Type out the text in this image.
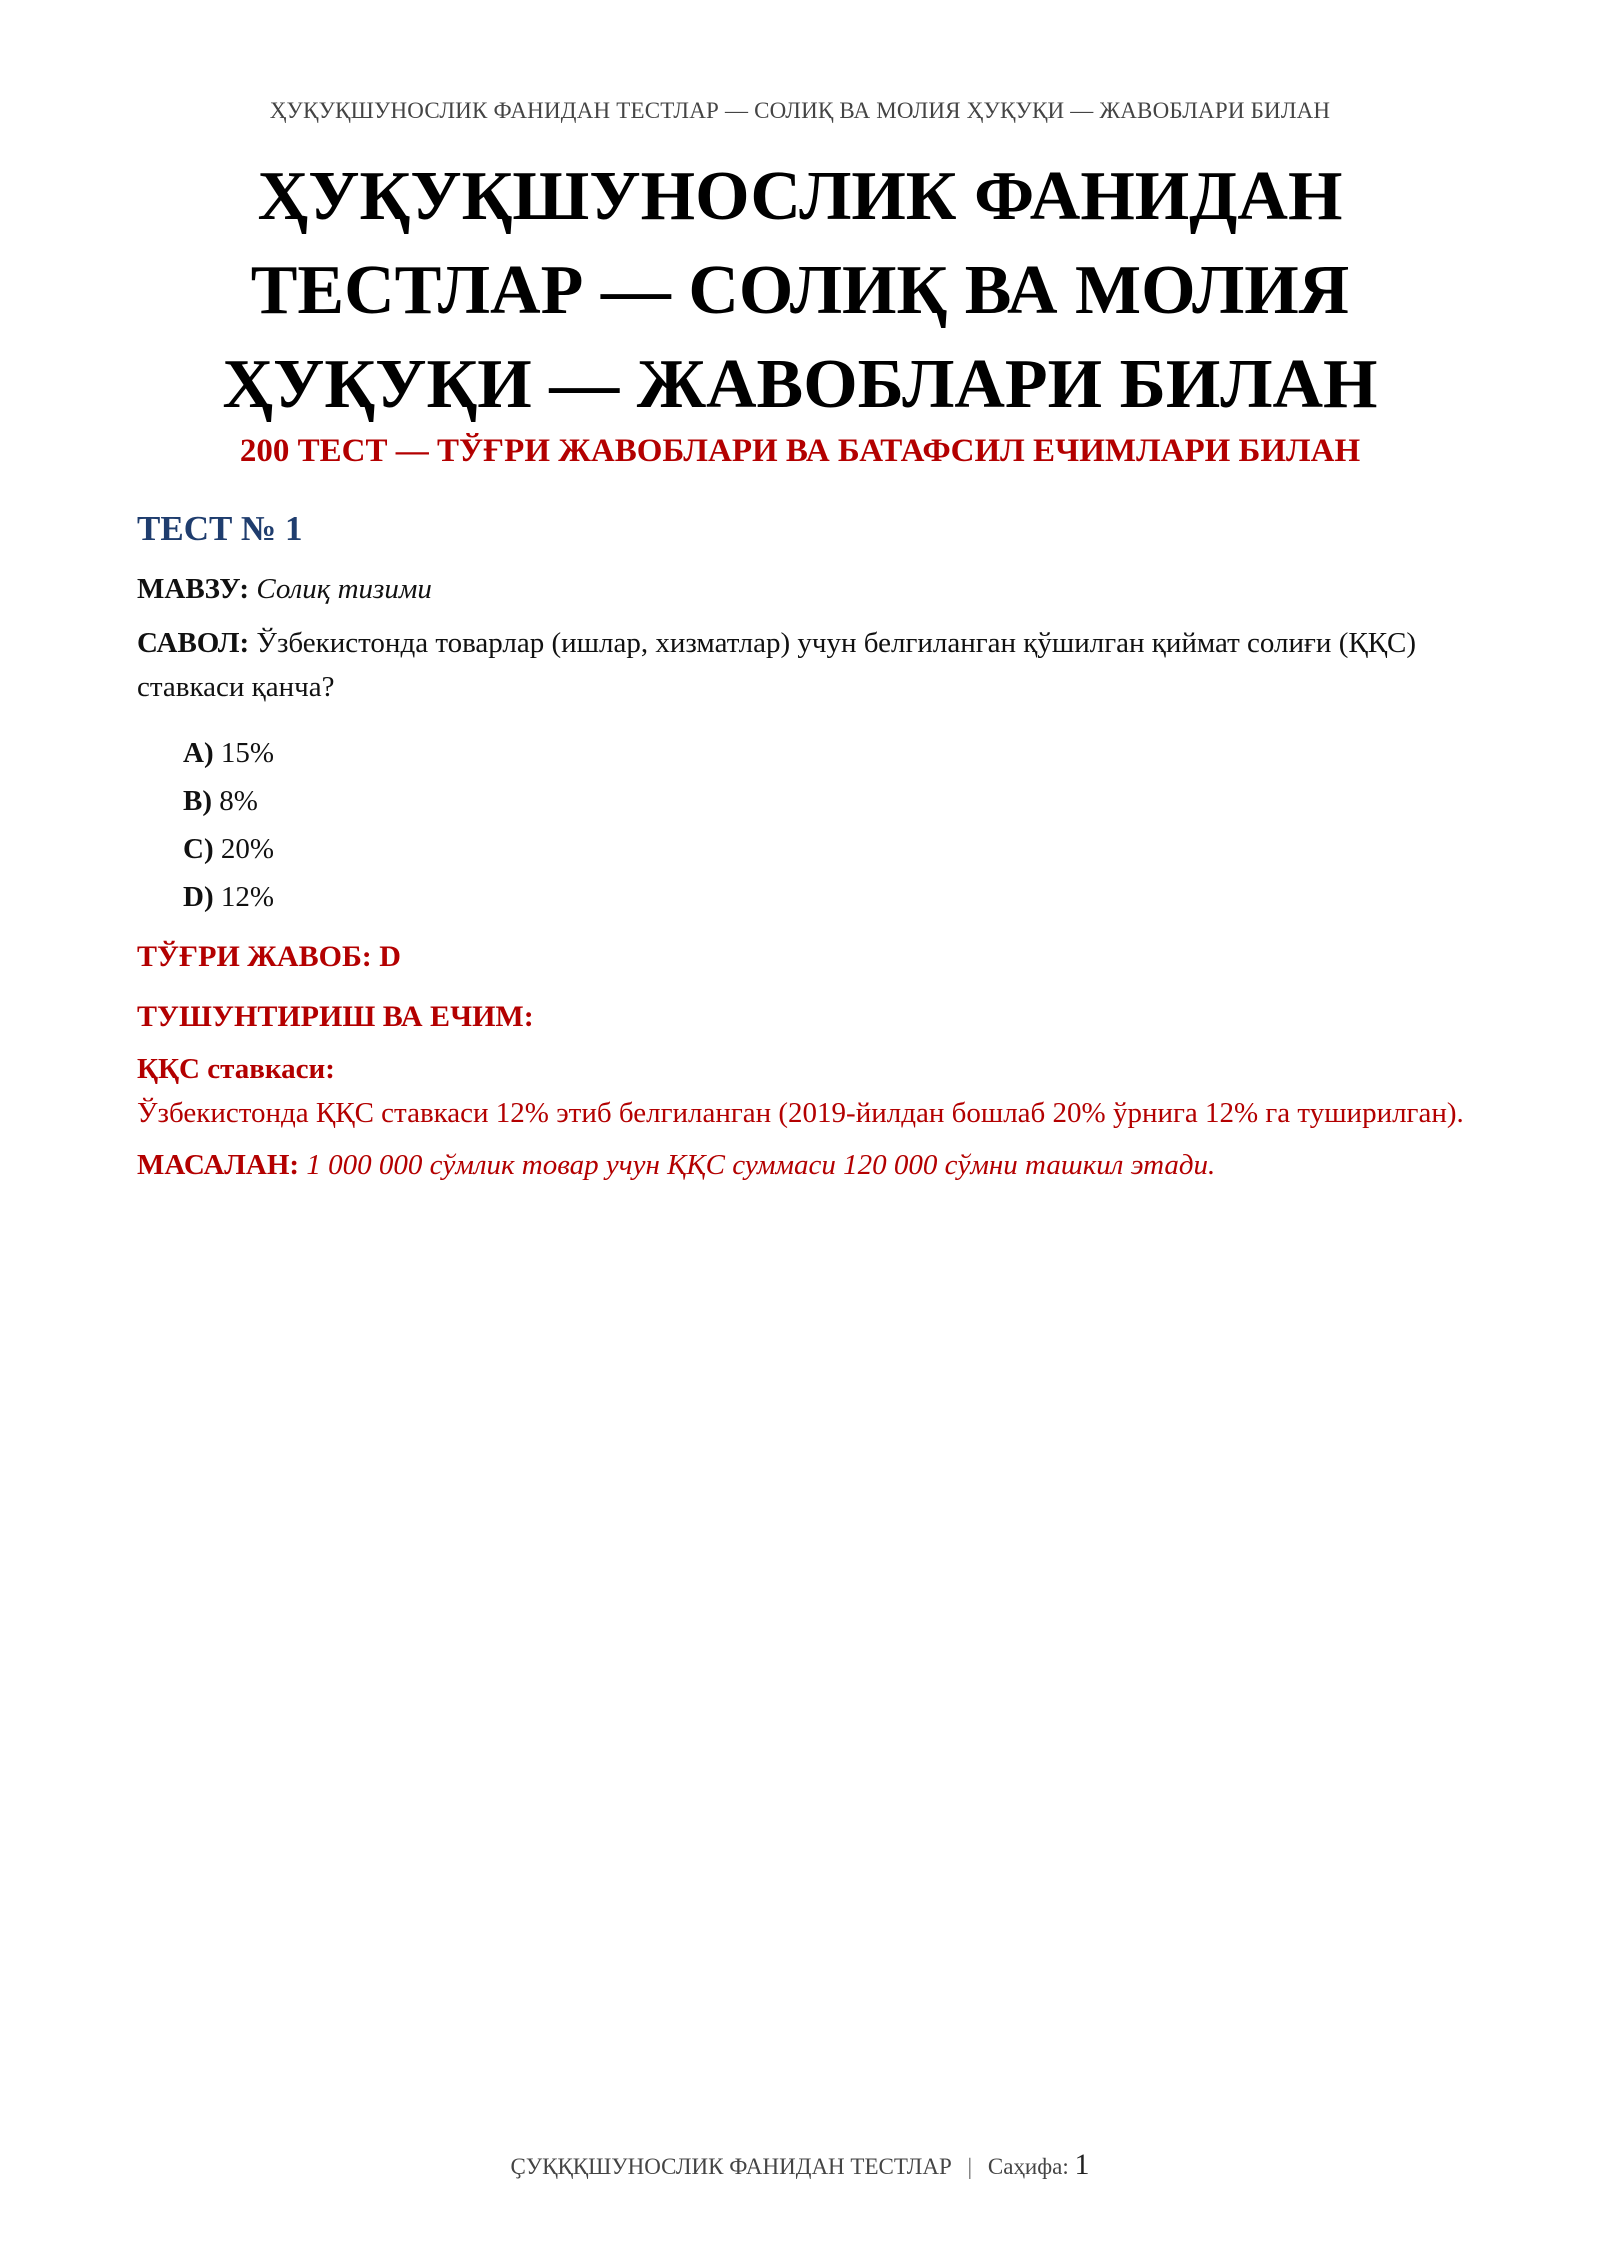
ҲУҚУҚШУНОСЛИК ФАНИДАН ТЕСТЛАР — СОЛИҚ ВА МОЛИЯ ҲУҚУҚИ — ЖАВОБЛАРИ БИЛАН
ҲУҚУҚШУНОСЛИК ФАНИДАН
ТЕСТЛАР — СОЛИҚ ВА МОЛИЯ
ҲУҚУҚИ — ЖАВОБЛАРИ БИЛАН
200 ТЕСТ — ТЎҒРИ ЖАВОБЛАРИ ВА БАТАФСИЛ ЕЧИМЛАРИ БИЛАН
ТЕСТ № 1
МАВЗУ: Солиқ тизими
САВОЛ: Ўзбекистонда товарлар (ишлар, хизматлар) учун белгиланган қўшилган қиймат солиғи (ҚҚС) ставкаси қанча?
A) 15%
B) 8%
C) 20%
D) 12%
ТЎҒРИ ЖАВОБ: D
ТУШУНТИРИШ ВА ЕЧИМ:
ҚҚС ставкаси:
Ўзбекистонда ҚҚС ставкаси 12% этиб белгиланган (2019-йилдан бошлаб 20% ўрнига 12% га туширилган).
МАСАЛАН: 1 000 000 сўмлик товар учун ҚҚС суммаси 120 000 сўмни ташкил этади.
ҪУҚҚҚШУНОСЛИК ФАНИДАН ТЕСТЛАР | Саҳифа: 1
